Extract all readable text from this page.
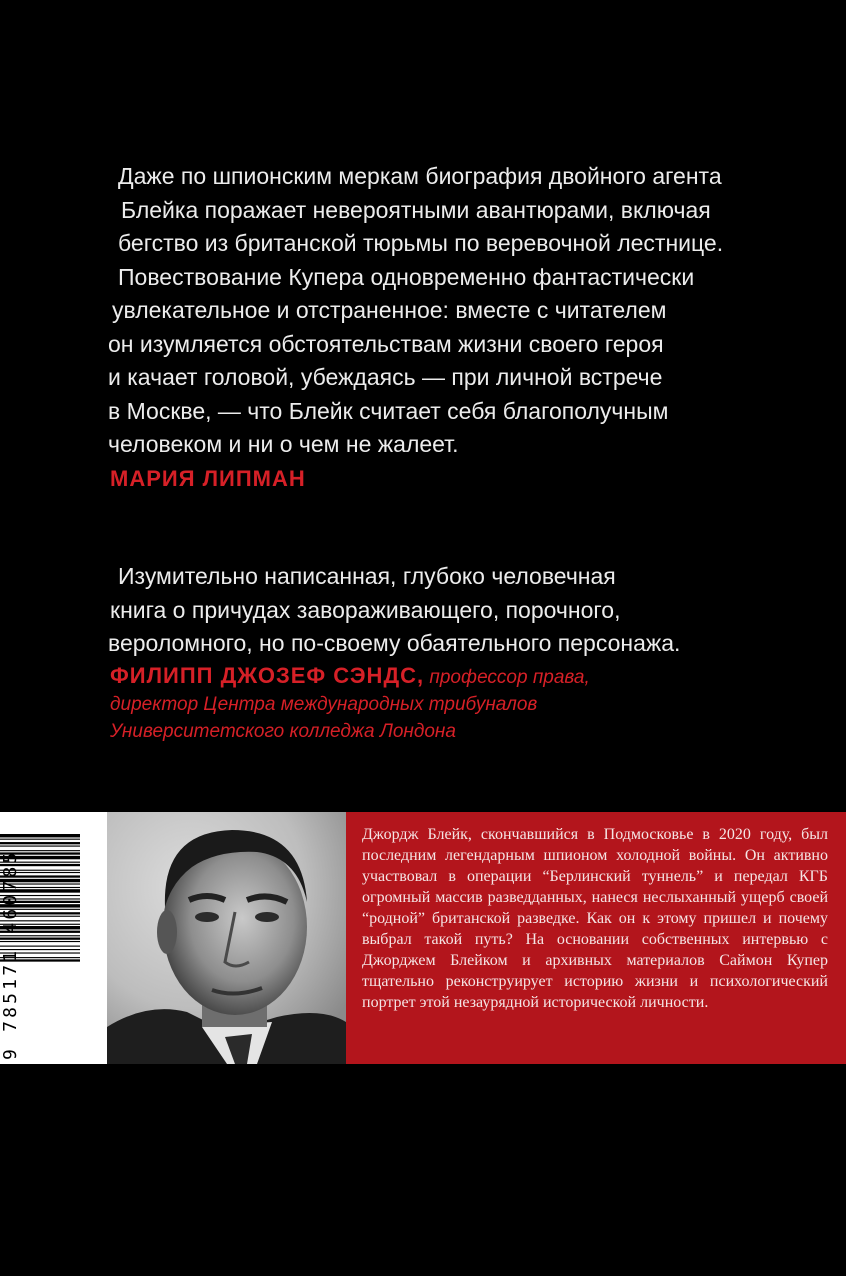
Даже по шпионским меркам биография двойного агента
Блейка поражает невероятными авантюрами, включая
бегство из британской тюрьмы по веревочной лестнице.
Повествование Купера одновременно фантастически
увлекательное и отстраненное: вместе с читателем
он изумляется обстоятельствам жизни своего героя
и качает головой, убеждаясь — при личной встрече
в Москве, — что Блейк считает себя благополучным
человеком и ни о чем не жалеет.
МАРИЯ ЛИПМАН
Изумительно написанная, глубоко человечная
книга о причудах завораживающего, порочного,
вероломного, но по-своему обаятельного персонажа.
ФИЛИПП ДЖОЗЕФ СЭНДС, профессор права,
директор Центра международных трибуналов
Университетского колледжа Лондона
9 785171 460785

Джордж Блейк, скончавшийся в Подмосковье в 2020 году, был последним легендарным шпионом холодной войны. Он активно участвовал в операции “Берлинский туннель” и передал КГБ огромный массив разведданных, нанеся неслыханный ущерб своей “родной” британской разведке. Как он к этому пришел и почему выбрал такой путь? На основании собственных интервью с Джорджем Блейком и архивных материалов Саймон Купер тщательно реконструирует историю жизни и психологический портрет этой незаурядной исторической личности.
